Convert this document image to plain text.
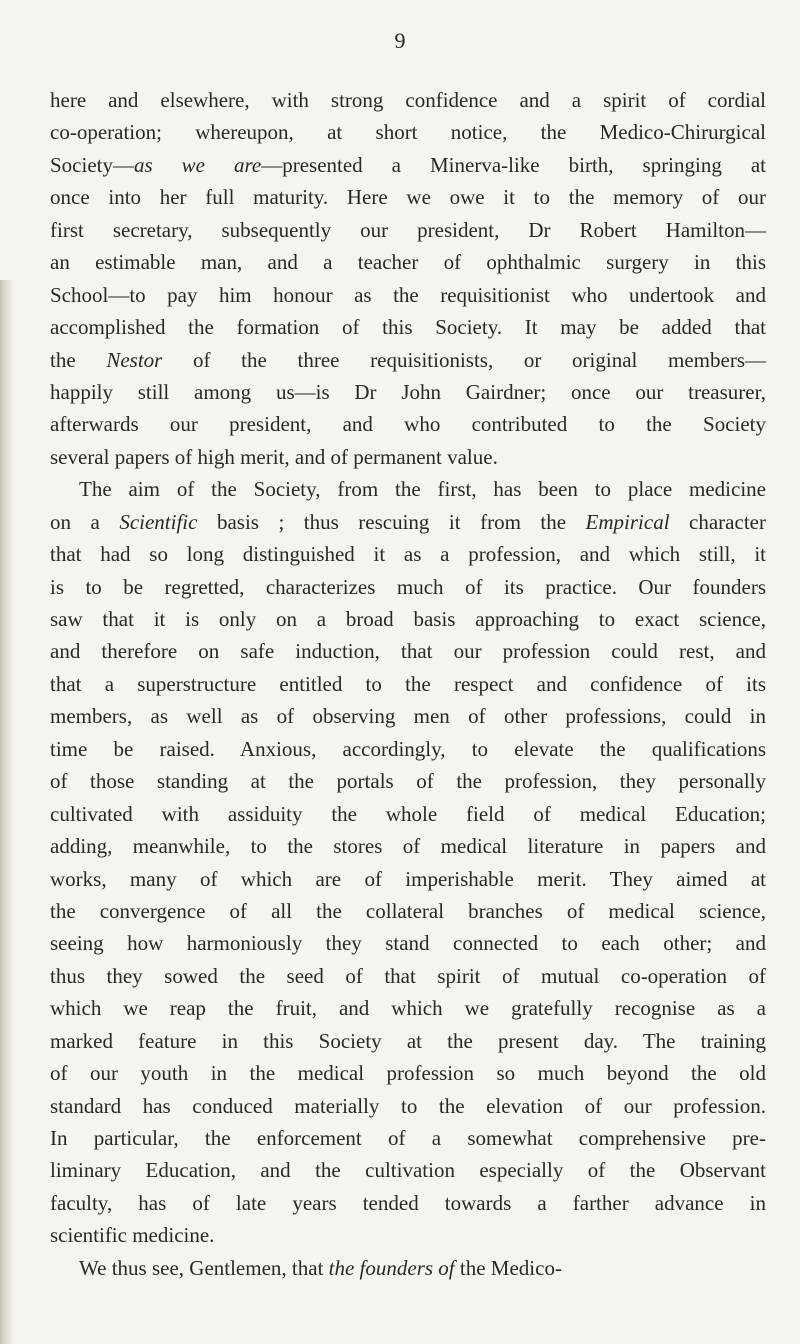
9
here and elsewhere, with strong confidence and a spirit of cordial
co-operation; whereupon, at short notice, the Medico-Chirurgical
Society—as we are—presented a Minerva-like birth, springing at
once into her full maturity. Here we owe it to the memory of our
first secretary, subsequently our president, Dr Robert Hamilton—
an estimable man, and a teacher of ophthalmic surgery in this
School—to pay him honour as the requisitionist who undertook and
accomplished the formation of this Society. It may be added that
the Nestor of the three requisitionists, or original members—
happily still among us—is Dr John Gairdner; once our treasurer,
afterwards our president, and who contributed to the Society
several papers of high merit, and of permanent value.
The aim of the Society, from the first, has been to place medicine
on a Scientific basis ; thus rescuing it from the Empirical character
that had so long distinguished it as a profession, and which still, it
is to be regretted, characterizes much of its practice. Our founders
saw that it is only on a broad basis approaching to exact science,
and therefore on safe induction, that our profession could rest, and
that a superstructure entitled to the respect and confidence of its
members, as well as of observing men of other professions, could in
time be raised. Anxious, accordingly, to elevate the qualifications
of those standing at the portals of the profession, they personally
cultivated with assiduity the whole field of medical Education;
adding, meanwhile, to the stores of medical literature in papers and
works, many of which are of imperishable merit. They aimed at
the convergence of all the collateral branches of medical science,
seeing how harmoniously they stand connected to each other; and
thus they sowed the seed of that spirit of mutual co-operation of
which we reap the fruit, and which we gratefully recognise as a
marked feature in this Society at the present day. The training
of our youth in the medical profession so much beyond the old
standard has conduced materially to the elevation of our profession.
In particular, the enforcement of a somewhat comprehensive pre-
liminary Education, and the cultivation especially of the Observant
faculty, has of late years tended towards a farther advance in
scientific medicine.
We thus see, Gentlemen, that the founders of the Medico-
